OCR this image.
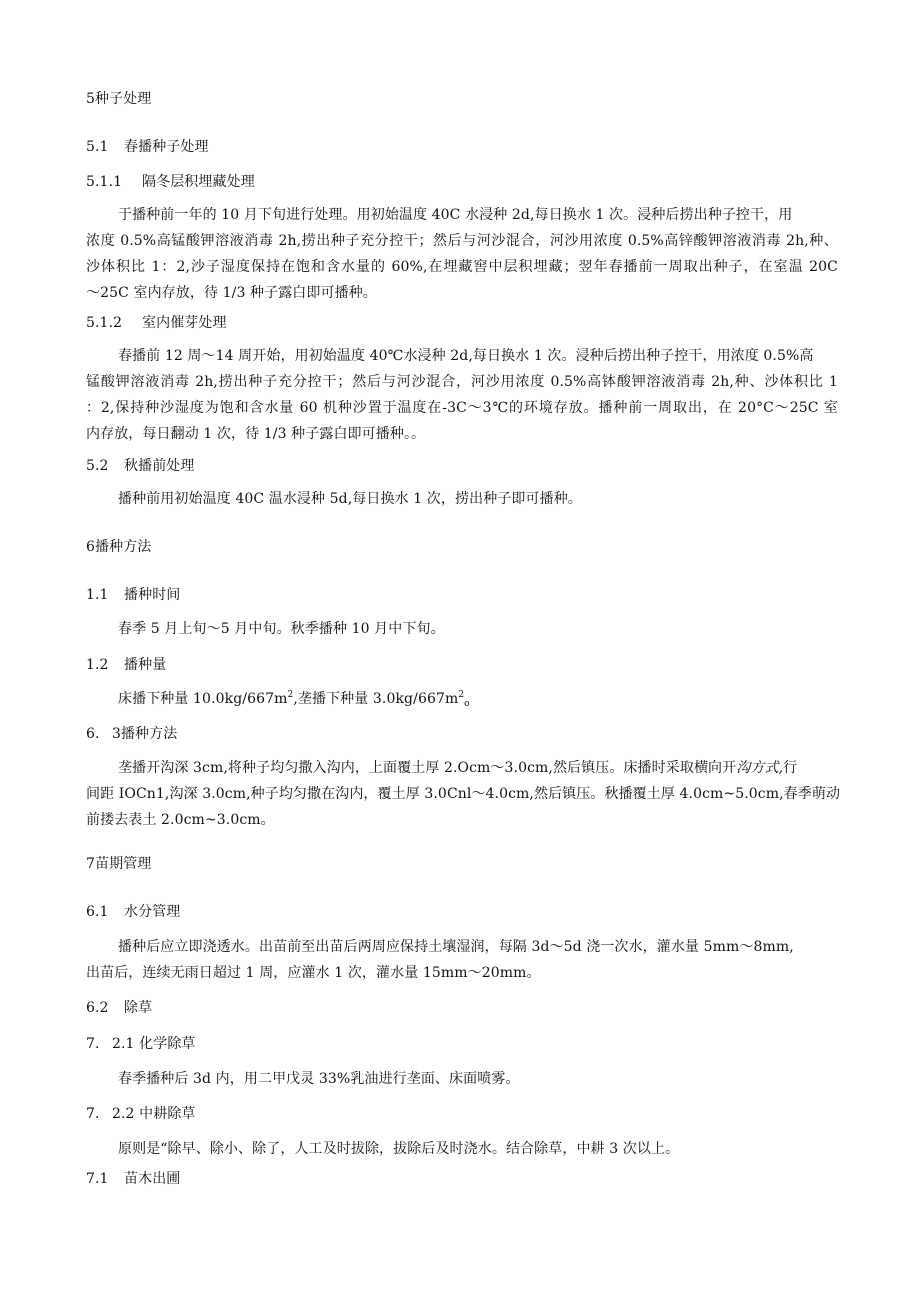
5种子处理
5.1 春播种子处理
5.1.1 隔冬层积埋藏处理
于播种前一年的 10 月下旬进行处理。用初始温度 40C 水浸种 2d,每日换水 1 次。浸种后捞出种子控干，用
浓度 0.5%高锰酸钾溶液消毒 2h,捞出种子充分控干；然后与河沙混合，河沙用浓度 0.5%高锌酸钾溶液消毒 2h,种、
沙体积比 1：2,沙子湿度保持在饱和含水量的 60%,在埋藏窖中层积埋藏；翌年春播前一周取出种子，在室温 20C
～25C 室内存放，待 1/3 种子露白即可播种。
5.1.2 室内催芽处理
春播前 12 周～14 周开始，用初始温度 40℃水浸种 2d,每日换水 1 次。浸种后捞出种子控干，用浓度 0.5%高
锰酸钾溶液消毒 2h,捞出种子充分控干；然后与河沙混合，河沙用浓度 0.5%高钵酸钾溶液消毒 2h,种、沙体积比 1
：2,保持种沙湿度为饱和含水量 60 机种沙置于温度在-3C～3℃的环境存放。播种前一周取出，在 20°C～25C 室
内存放，每日翻动 1 次，待 1/3 种子露白即可播种。。
5.2 秋播前处理
播种前用初始温度 40C 温水浸种 5d,每日换水 1 次，捞出种子即可播种。
6播种方法
1.1 播种时间
春季 5 月上旬～5 月中旬。秋季播种 10 月中下旬。
1.2 播种量
床播下种量 $10.0kg/667m^2$,垄播下种量 $3.0kg/667m^2_o$
6. 3播种方法
垄播开沟深 3cm,将种子均匀撒入沟内，上面覆土厚 2.Ocm～3.0cm,然后镇压。床播时采取横向开沟方式,行
间距 IOCn1,沟深 3.0cm,种子均匀撒在沟内，覆土厚 3.0Cnl～4.0cm,然后镇压。秋播覆土厚 4.0cm~5.0cm,春季萌动
前搂去表土 2.0cm~3.0cm。
7苗期管理
6.1 水分管理
播种后应立即浇透水。出苗前至出苗后两周应保持土壤湿润，每隔 3d～5d 浇一次水，灌水量 5mm～8mm,
出苗后，连续无雨日超过 1 周，应灌水 1 次，灌水量 15mm～20mm。
6.2 除草
7. 2.1 化学除草
春季播种后 3d 内，用二甲戊灵 33%乳油进行垄面、床面喷雾。
7. 2.2 中耕除草
原则是“除早、除小、除了，人工及时拔除，拔除后及时浇水。结合除草，中耕 3 次以上。
7.1 苗木出圃
